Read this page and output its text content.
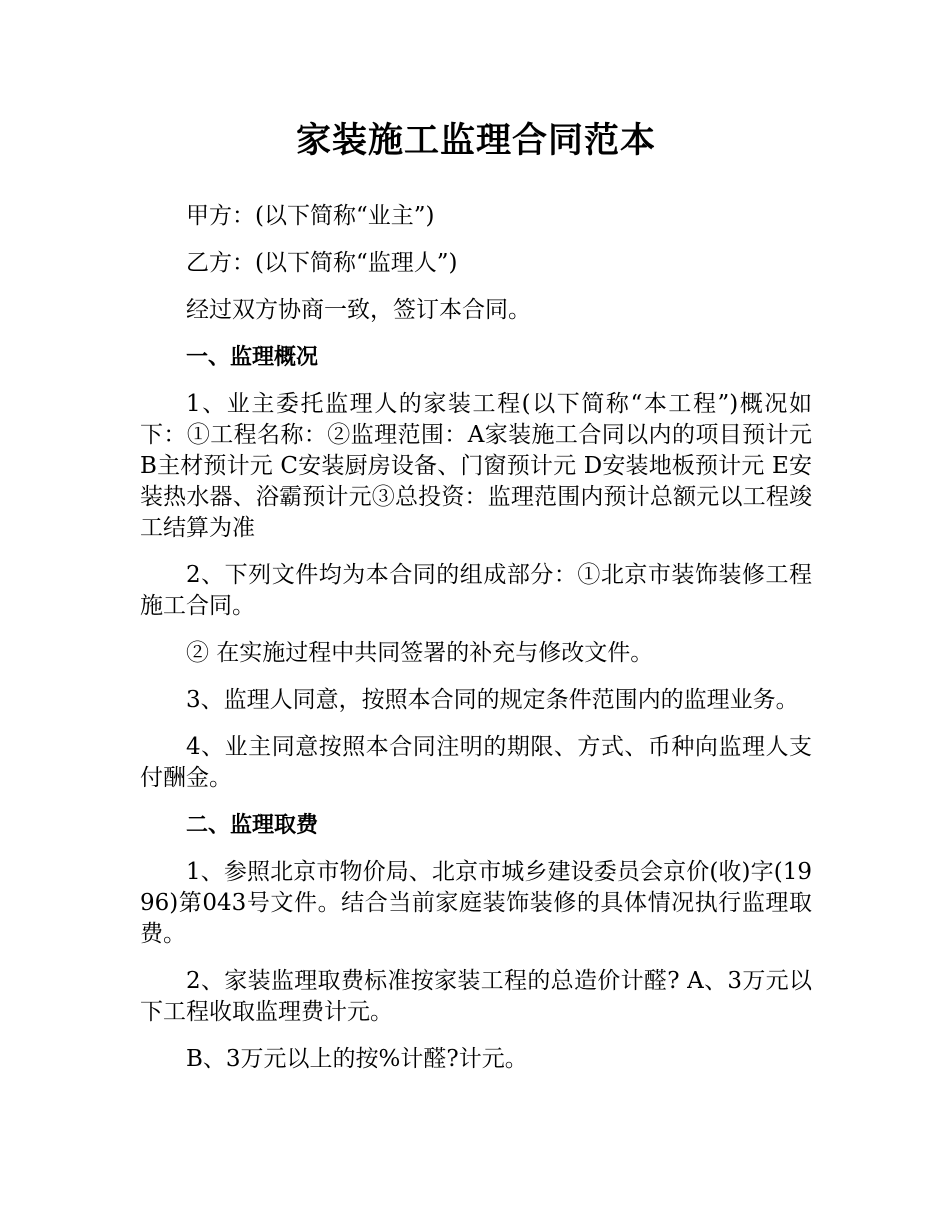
家装施工监理合同范本

甲方：(以下简称“业主”)

乙方：(以下简称“监理人”)

经过双方协商一致，签订本合同。

一、监理概况

1、业主委托监理人的家装工程(以下简称“本工程”)概况如下：①工程名称：②监理范围：A家装施工合同以内的项目预计元 B主材预计元 C安装厨房设备、门窗预计元 D安装地板预计元 E安装热水器、浴霸预计元③总投资：监理范围内预计总额元以工程竣工结算为准

2、下列文件均为本合同的组成部分：①北京市装饰装修工程施工合同。

② 在实施过程中共同签署的补充与修改文件。

3、监理人同意，按照本合同的规定条件范围内的监理业务。

4、业主同意按照本合同注明的期限、方式、币种向监理人支付酬金。

二、监理取费

1、参照北京市物价局、北京市城乡建设委员会京价(收)字(1996)第043号文件。结合当前家庭装饰装修的具体情况执行监理取费。

2、家装监理取费标准按家装工程的总造价计醛? A、3万元以下工程收取监理费计元。

B、3万元以上的按%计醛?计元。
